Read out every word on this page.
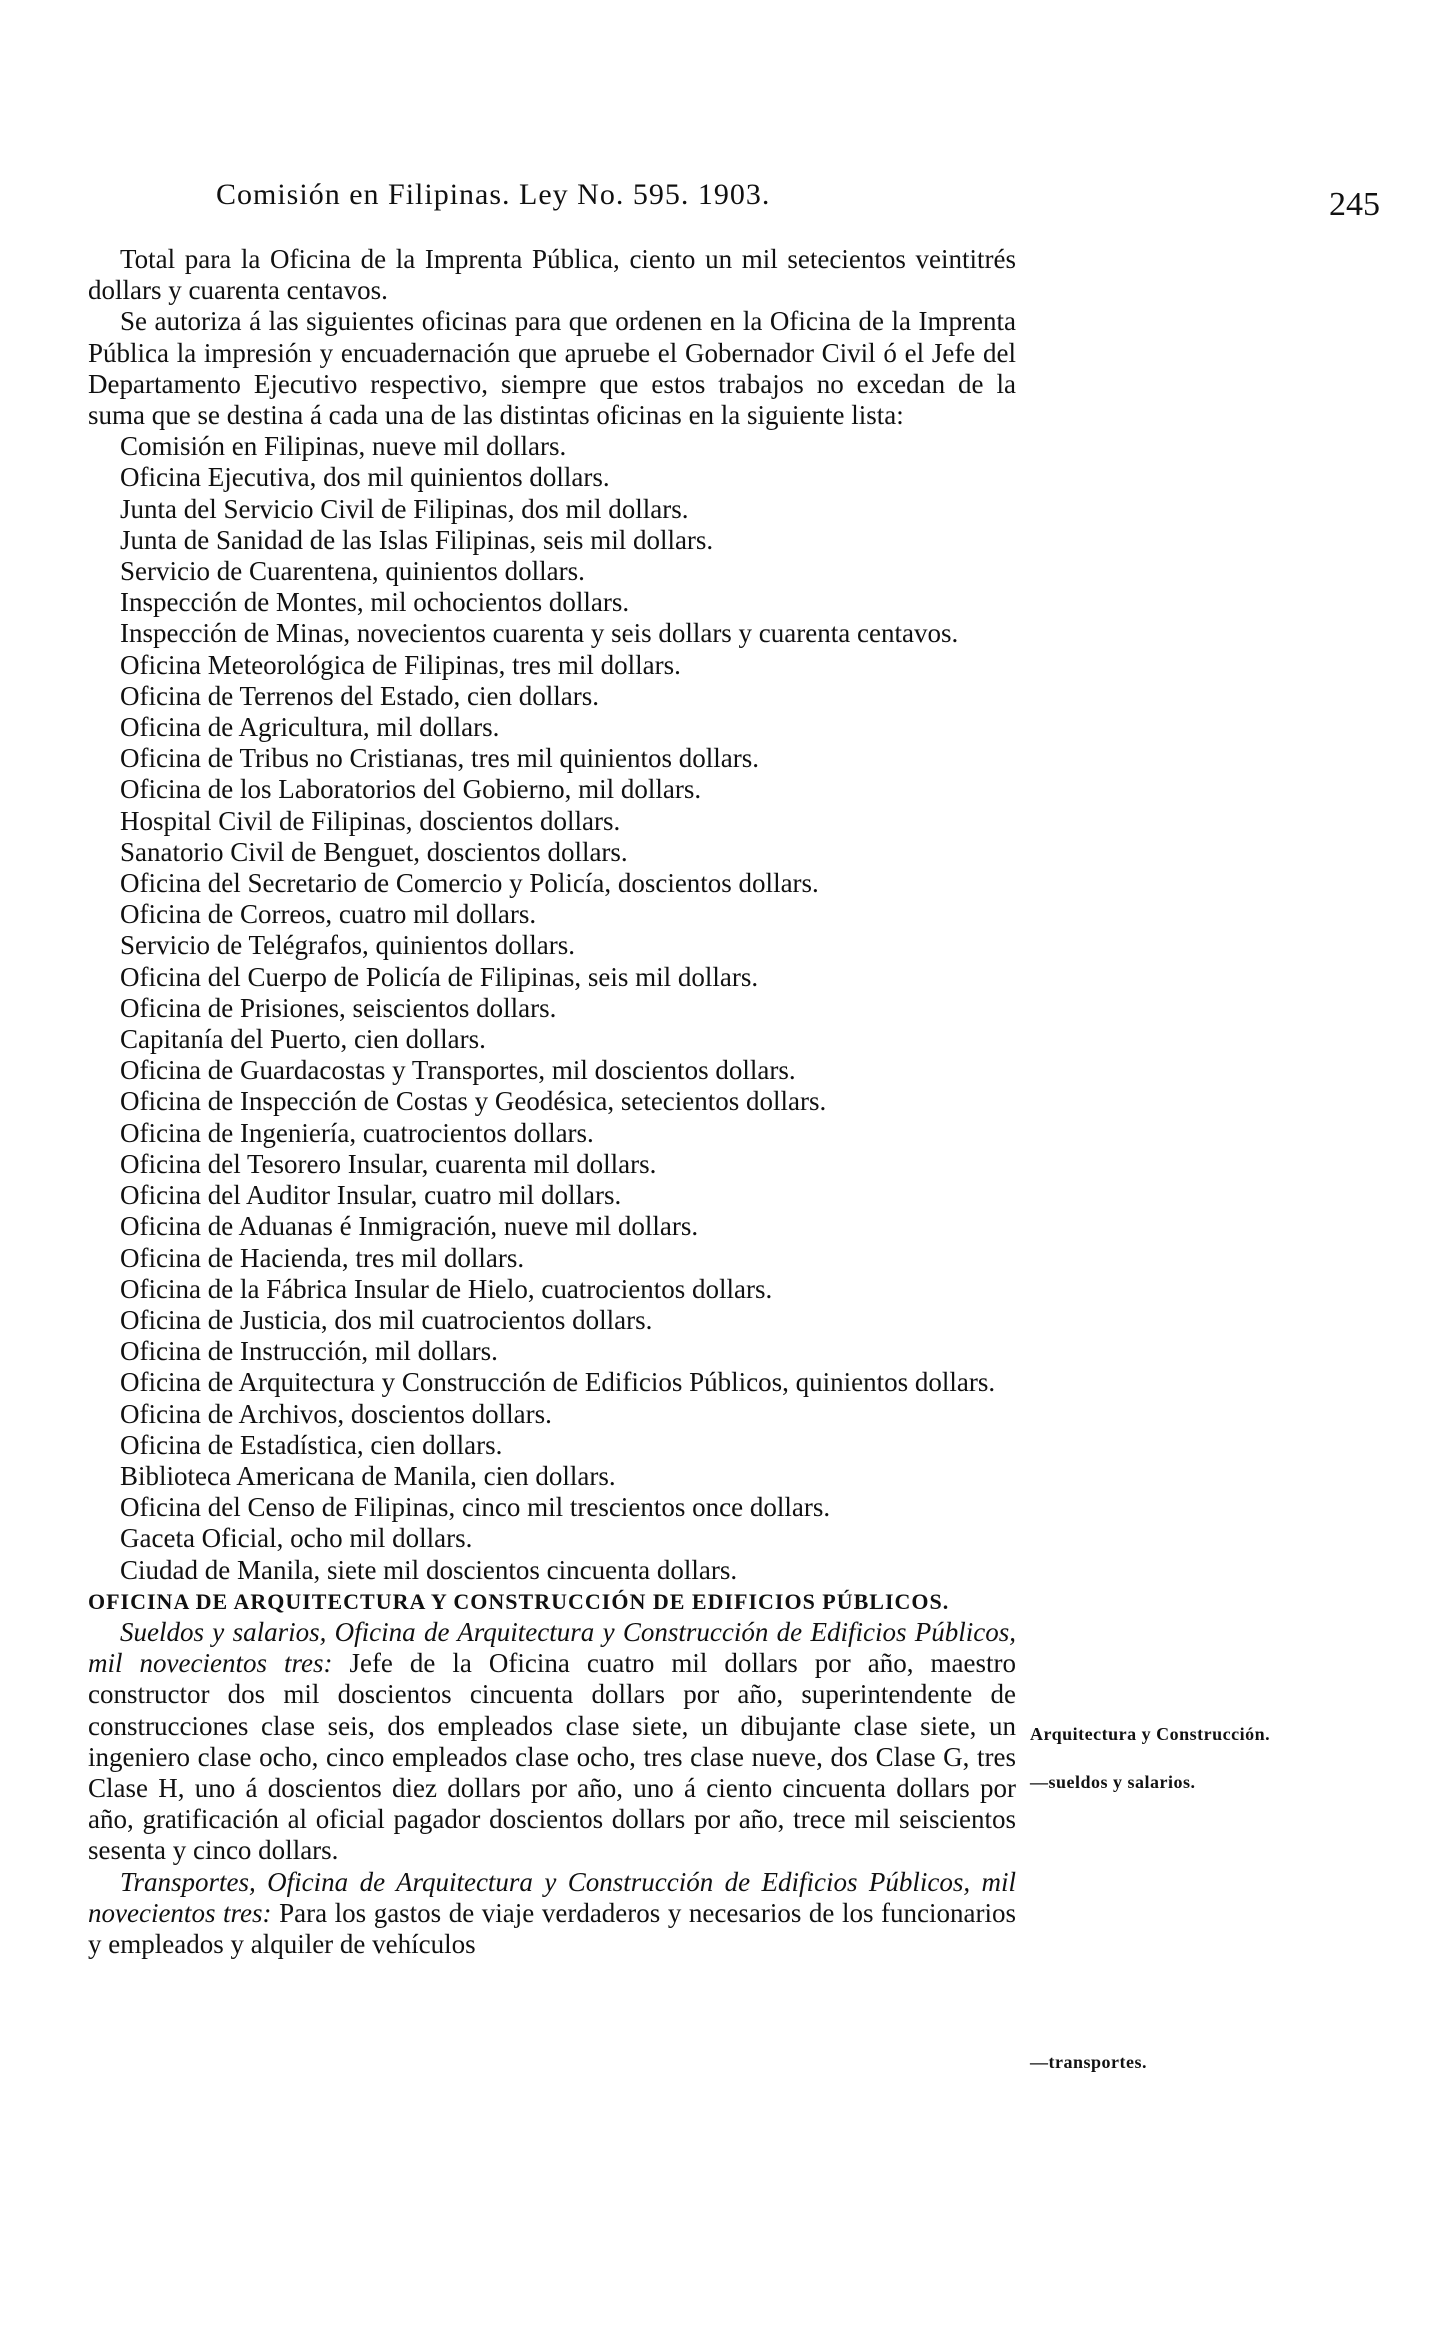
Comisión en Filipinas. Ley No. 595. 1903.	245

Total para la Oficina de la Imprenta Pública, ciento un mil setecientos veintitrés dollars y cuarenta centavos.

Se autoriza á las siguientes oficinas para que ordenen en la Oficina de la Imprenta Pública la impresión y encuadernación que apruebe el Gobernador Civil ó el Jefe del Departamento Ejecutivo respectivo, siempre que estos trabajos no excedan de la suma que se destina á cada una de las distintas oficinas en la siguiente lista:

Comisión en Filipinas, nueve mil dollars.

Oficina Ejecutiva, dos mil quinientos dollars.

Junta del Servicio Civil de Filipinas, dos mil dollars.

Junta de Sanidad de las Islas Filipinas, seis mil dollars.

Servicio de Cuarentena, quinientos dollars.

Inspección de Montes, mil ochocientos dollars.

Inspección de Minas, novecientos cuarenta y seis dollars y cuarenta centavos.

Oficina Meteorológica de Filipinas, tres mil dollars.

Oficina de Terrenos del Estado, cien dollars.

Oficina de Agricultura, mil dollars.

Oficina de Tribus no Cristianas, tres mil quinientos dollars.

Oficina de los Laboratorios del Gobierno, mil dollars.

Hospital Civil de Filipinas, doscientos dollars.

Sanatorio Civil de Benguet, doscientos dollars.

Oficina del Secretario de Comercio y Policía, doscientos dollars.

Oficina de Correos, cuatro mil dollars.

Servicio de Telégrafos, quinientos dollars.

Oficina del Cuerpo de Policía de Filipinas, seis mil dollars.

Oficina de Prisiones, seiscientos dollars.

Capitanía del Puerto, cien dollars.

Oficina de Guardacostas y Transportes, mil doscientos dollars.

Oficina de Inspección de Costas y Geodésica, setecientos dollars.

Oficina de Ingeniería, cuatrocientos dollars.

Oficina del Tesorero Insular, cuarenta mil dollars.

Oficina del Auditor Insular, cuatro mil dollars.

Oficina de Aduanas é Inmigración, nueve mil dollars.

Oficina de Hacienda, tres mil dollars.

Oficina de la Fábrica Insular de Hielo, cuatrocientos dollars.

Oficina de Justicia, dos mil cuatrocientos dollars.

Oficina de Instrucción, mil dollars.

Oficina de Arquitectura y Construcción de Edificios Públicos, quinientos dollars.

Oficina de Archivos, doscientos dollars.

Oficina de Estadística, cien dollars.

Biblioteca Americana de Manila, cien dollars.

Oficina del Censo de Filipinas, cinco mil trescientos once dollars.

Gaceta Oficial, ocho mil dollars.

Ciudad de Manila, siete mil doscientos cincuenta dollars.

OFICINA DE ARQUITECTURA Y CONSTRUCCIÓN DE EDIFICIOS PÚBLICOS.

Sueldos y salarios, Oficina de Arquitectura y Construcción de Edificios Públicos, mil novecientos tres: Jefe de la Oficina cuatro mil dollars por año, maestro constructor dos mil doscientos cincuenta dollars por año, superintendente de construcciones clase seis, dos empleados clase siete, un dibujante clase siete, un ingeniero clase ocho, cinco empleados clase ocho, tres clase nueve, dos Clase G, tres Clase H, uno á doscientos diez dollars por año, uno á ciento cincuenta dollars por año, gratificación al oficial pagador doscientos dollars por año, trece mil seiscientos sesenta y cinco dollars.

Transportes, Oficina de Arquitectura y Construcción de Edificios Públicos, mil novecientos tres: Para los gastos de viaje verdaderos y necesarios de los funcionarios y empleados y alquiler de vehículos

Arquitectura y Construcción.
—sueldos y salarios.
—transportes.
